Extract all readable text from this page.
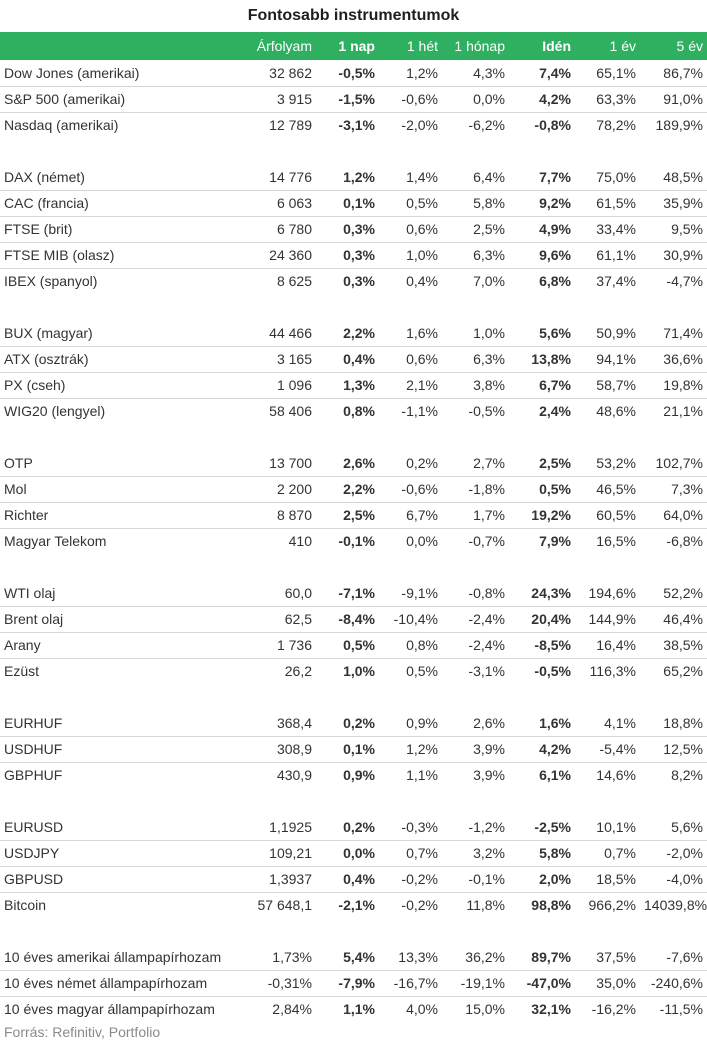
Fontosabb instrumentumok
	Árfolyam	1 nap	1 hét	1 hónap	Idén	1 év	5 év
Dow Jones (amerikai)	32 862	-0,5%	1,2%	4,3%	7,4%	65,1%	86,7%
S&P 500 (amerikai)	3 915	-1,5%	-0,6%	0,0%	4,2%	63,3%	91,0%
Nasdaq (amerikai)	12 789	-3,1%	-2,0%	-6,2%	-0,8%	78,2%	189,9%

DAX (német)	14 776	1,2%	1,4%	6,4%	7,7%	75,0%	48,5%
CAC (francia)	6 063	0,1%	0,5%	5,8%	9,2%	61,5%	35,9%
FTSE (brit)	6 780	0,3%	0,6%	2,5%	4,9%	33,4%	9,5%
FTSE MIB (olasz)	24 360	0,3%	1,0%	6,3%	9,6%	61,1%	30,9%
IBEX (spanyol)	8 625	0,3%	0,4%	7,0%	6,8%	37,4%	-4,7%

BUX (magyar)	44 466	2,2%	1,6%	1,0%	5,6%	50,9%	71,4%
ATX (osztrák)	3 165	0,4%	0,6%	6,3%	13,8%	94,1%	36,6%
PX (cseh)	1 096	1,3%	2,1%	3,8%	6,7%	58,7%	19,8%
WIG20 (lengyel)	58 406	0,8%	-1,1%	-0,5%	2,4%	48,6%	21,1%

OTP	13 700	2,6%	0,2%	2,7%	2,5%	53,2%	102,7%
Mol	2 200	2,2%	-0,6%	-1,8%	0,5%	46,5%	7,3%
Richter	8 870	2,5%	6,7%	1,7%	19,2%	60,5%	64,0%
Magyar Telekom	410	-0,1%	0,0%	-0,7%	7,9%	16,5%	-6,8%

WTI olaj	60,0	-7,1%	-9,1%	-0,8%	24,3%	194,6%	52,2%
Brent olaj	62,5	-8,4%	-10,4%	-2,4%	20,4%	144,9%	46,4%
Arany	1 736	0,5%	0,8%	-2,4%	-8,5%	16,4%	38,5%
Ezüst	26,2	1,0%	0,5%	-3,1%	-0,5%	116,3%	65,2%

EURHUF	368,4	0,2%	0,9%	2,6%	1,6%	4,1%	18,8%
USDHUF	308,9	0,1%	1,2%	3,9%	4,2%	-5,4%	12,5%
GBPHUF	430,9	0,9%	1,1%	3,9%	6,1%	14,6%	8,2%

EURUSD	1,1925	0,2%	-0,3%	-1,2%	-2,5%	10,1%	5,6%
USDJPY	109,21	0,0%	0,7%	3,2%	5,8%	0,7%	-2,0%
GBPUSD	1,3937	0,4%	-0,2%	-0,1%	2,0%	18,5%	-4,0%
Bitcoin	57 648,1	-2,1%	-0,2%	11,8%	98,8%	966,2%	14039,8%

10 éves amerikai állampapírhozam	1,73%	5,4%	13,3%	36,2%	89,7%	37,5%	-7,6%
10 éves német állampapírhozam	-0,31%	-7,9%	-16,7%	-19,1%	-47,0%	35,0%	-240,6%
10 éves magyar állampapírhozam	2,84%	1,1%	4,0%	15,0%	32,1%	-16,2%	-11,5%
Forrás: Refinitiv, Portfolio
